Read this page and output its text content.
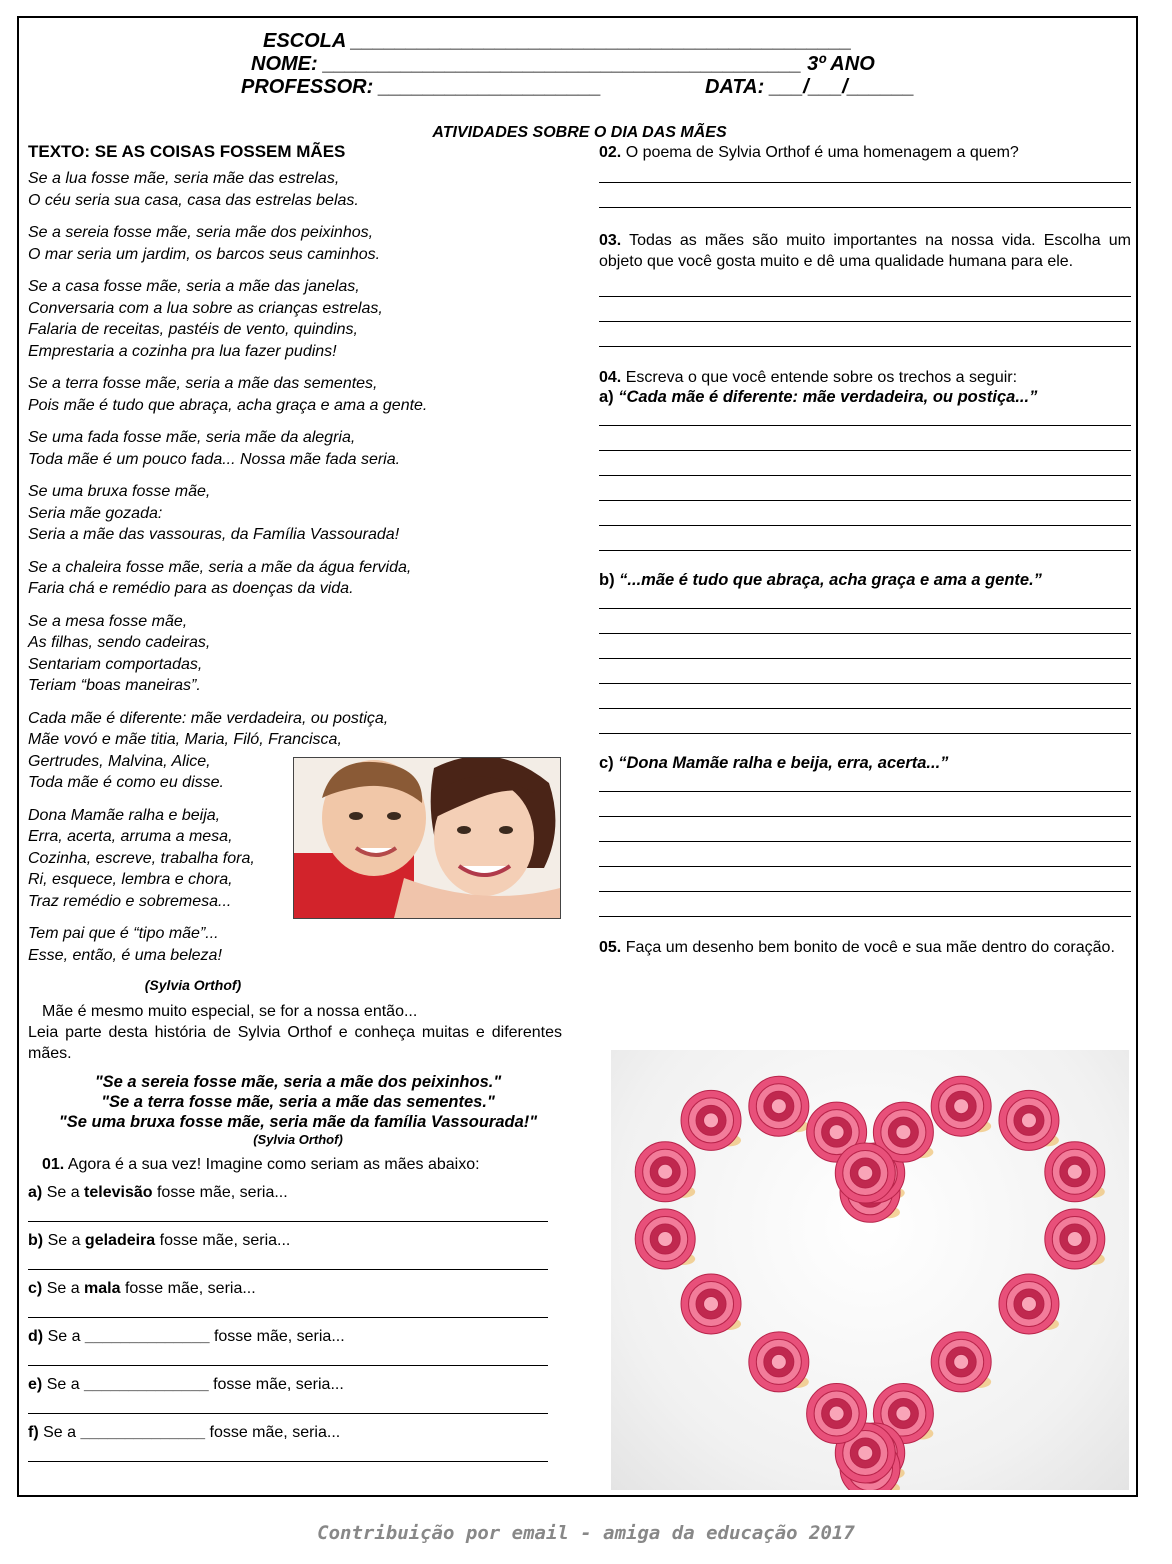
ESCOLA _____________________________________________
NOME: ___________________________________________ 3º ANO
PROFESSOR: ____________________	DATA: ___/___/______
ATIVIDADES SOBRE O DIA DAS MÃES
TEXTO: SE AS COISAS FOSSEM MÃES
Se a lua fosse mãe, seria mãe das estrelas,
O céu seria sua casa, casa das estrelas belas.
Se a sereia fosse mãe, seria mãe dos peixinhos,
O mar seria um jardim, os barcos seus caminhos.
Se a casa fosse mãe, seria a mãe das janelas,
Conversaria com a lua sobre as crianças estrelas,
Falaria de receitas, pastéis de vento, quindins,
Emprestaria a cozinha pra lua fazer pudins!
Se a terra fosse mãe, seria a mãe das sementes,
Pois mãe é tudo que abraça, acha graça e ama a gente.
Se uma fada fosse mãe, seria mãe da alegria,
Toda mãe é um pouco fada... Nossa mãe fada seria.
Se uma bruxa fosse mãe,
Seria mãe gozada:
Seria a mãe das vassouras, da Família Vassourada!
Se a chaleira fosse mãe, seria a mãe da água fervida,
Faria chá e remédio para as doenças da vida.
Se a mesa fosse mãe,
As filhas, sendo cadeiras,
Sentariam comportadas,
Teriam “boas maneiras”.
Cada mãe é diferente: mãe verdadeira, ou postiça,
Mãe vovó e mãe titia, Maria, Filó, Francisca,
Gertrudes, Malvina, Alice,
Toda mãe é como eu disse.
Dona Mamãe ralha e beija,
Erra, acerta, arruma a mesa,
Cozinha, escreve, trabalha fora,
Ri, esquece, lembra e chora,
Traz remédio e sobremesa...
Tem pai que é “tipo mãe”...
Esse, então, é uma beleza!
(Sylvia Orthof)
Mãe é mesmo muito especial, se for a nossa então...
Leia parte desta história de Sylvia Orthof e conheça muitas e diferentes mães.
"Se a sereia fosse mãe, seria a mãe dos peixinhos."
"Se a terra fosse mãe, seria a mãe das sementes."
"Se uma bruxa fosse mãe, seria mãe da família Vassourada!"
(Sylvia Orthof)
01. Agora é a sua vez! Imagine como seriam as mães abaixo:
a) Se a televisão fosse mãe, seria...
b) Se a geladeira fosse mãe, seria...
c) Se a mala fosse mãe, seria...
d) Se a ______________ fosse mãe, seria...
e) Se a ______________ fosse mãe, seria...
f) Se a ______________ fosse mãe, seria...
02. O poema de Sylvia Orthof é uma homenagem a quem?
03. Todas as mães são muito importantes na nossa vida. Escolha um objeto que você gosta muito e dê uma qualidade humana para ele.
04. Escreva o que você entende sobre os trechos a seguir:
a) “Cada mãe é diferente: mãe verdadeira, ou postiça...”
b) “...mãe é tudo que abraça, acha graça e ama a gente.”
c) “Dona Mamãe ralha e beija, erra, acerta...”
05. Faça um desenho bem bonito de você e sua mãe dentro do coração.
Contribuição por email - amiga da educação 2017
